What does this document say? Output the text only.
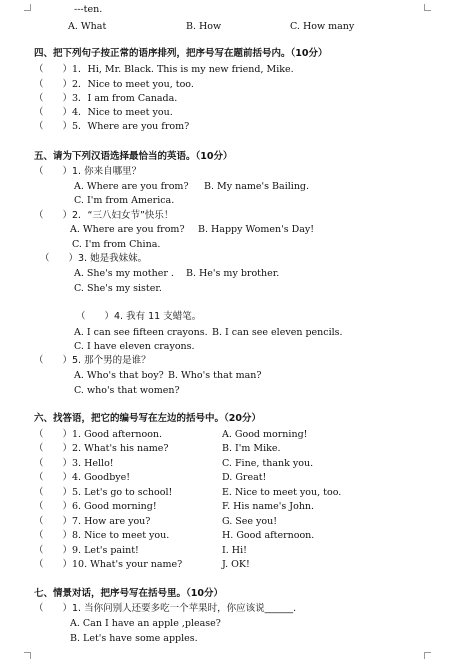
---ten.
A. What	B. How	C. How many
四、把下列句子按正常的语序排列，把序号写在题前括号内。（10分）
（　　）1．Hi, Mr. Black. This is my new friend, Mike.
（　　）2．Nice to meet you, too.
（　　）3．I am from Canada.
（　　）4．Nice to meet you.
（　　）5．Where are you from?
五、请为下列汉语选择最恰当的英语。（10分）
（　　）1. 你来自哪里？
A. Where are you from? B. My name's Bailing.
C. I'm from America.
（　　）2．“三八妇女节”快乐！
A. Where are you from? B. Happy Women's Day!
C. I'm from China.
（　　）3. 她是我妹妹。
A. She's my mother . B. He's my brother.
C. She's my sister.
（　　）4. 我有 11 支蜡笔。
A. I can see fifteen crayons. B. I can see eleven pencils.
C. I have eleven crayons.
（　　）5. 那个男的是谁？
A. Who's that boy? B. Who's that man?
C. who's that women?
六、找答语，把它的编号写在左边的括号中。（20分）
（　　）1. Good afternoon.	A. Good morning!
（　　）2. What's his name?	B. I'm Mike.
（　　）3. Hello!	C. Fine, thank you.
（　　）4. Goodbye!	D. Great!
（　　）5. Let's go to school!	E. Nice to meet you, too.
（　　）6. Good morning!	F. His name's John.
（　　）7. How are you?	G. See you!
（　　）8. Nice to meet you.	H. Good afternoon.
（　　）9. Let's paint!	I. Hi!
（　　）10. What's your name?	J. OK!
七、情景对话，把序号写在括号里。（10分）
（　　）1. 当你问别人还要多吃一个苹果时，你应该说______.
A. Can I have an apple ,please?
B. Let's have some apples.
